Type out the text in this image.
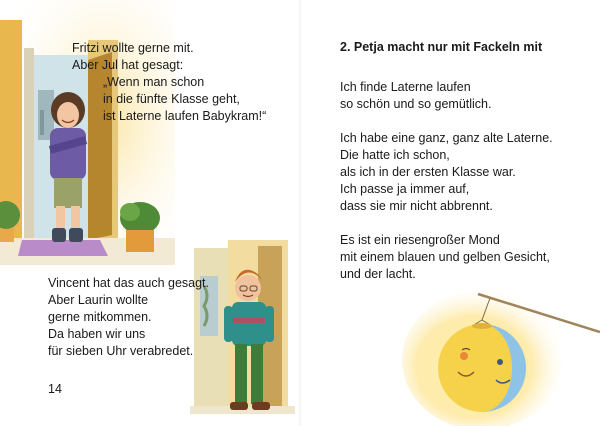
Fritzi wollte gerne mit.

Aber Jul hat gesagt:

„Wenn man schon

in die fünfte Klasse geht,

ist Laterne laufen Babykram!“

Vincent hat das auch gesagt.

Aber Laurin wollte

gerne mitkommen.

Da haben wir uns

für sieben Uhr verabredet.

14
2. Petja macht nur mit Fackeln mit

Ich finde Laterne laufen

so schön und so gemütlich.

Ich habe eine ganz, ganz alte Laterne.

Die hatte ich schon,

als ich in der ersten Klasse war.

Ich passe ja immer auf,

dass sie mir nicht abbrennt.

Es ist ein riesengroßer Mond

mit einem blauen und gelben Gesicht,

und der lacht.
